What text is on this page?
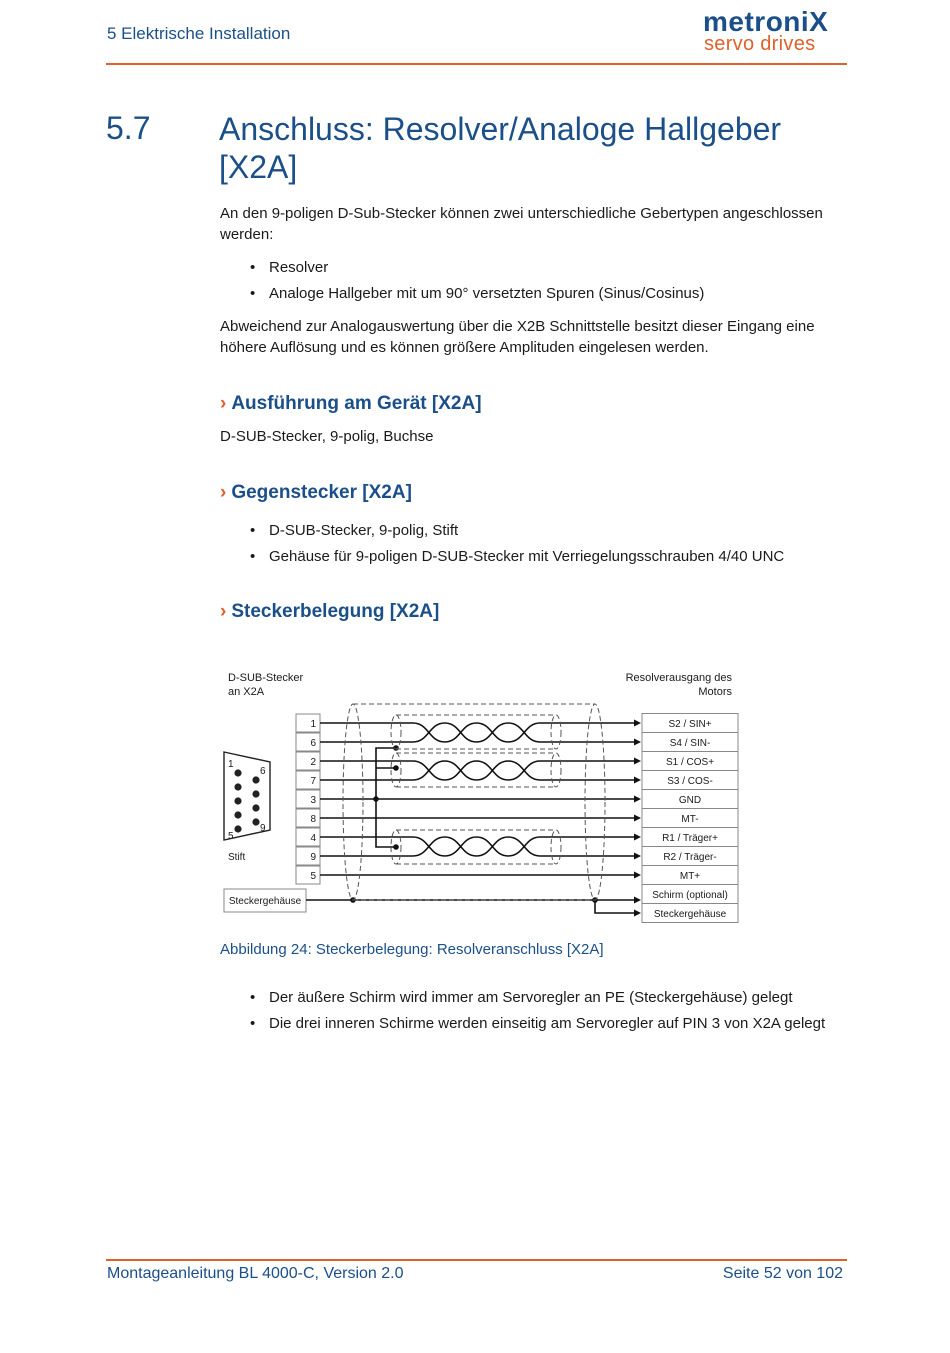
5 Elektrische Installation	metroniX
servo drives
5.7 Anschluss: Resolver/Analoge Hallgeber [X2A]
An den 9-poligen D-Sub-Stecker können zwei unterschiedliche Gebertypen angeschlossen werden:
• Resolver
• Analoge Hallgeber mit um 90° versetzten Spuren (Sinus/Cosinus)
Abweichend zur Analogauswertung über die X2B Schnittstelle besitzt dieser Eingang eine höhere Auflösung und es können größere Amplituden eingelesen werden.
› Ausführung am Gerät [X2A]
D-SUB-Stecker, 9-polig, Buchse
› Gegenstecker [X2A]
• D-SUB-Stecker, 9-polig, Stift
• Gehäuse für 9-poligen D-SUB-Stecker mit Verriegelungsschrauben 4/40 UNC
› Steckerbelegung [X2A]
D-SUB-Stecker
an X2A
Resolverausgang des
Motors
1
6
5
9
Stift
1
6
2
7
3
8
4
9
5
Steckergehäuse
S2 / SIN+
S4 / SIN-
S1 / COS+
S3 / COS-
GND
MT-
R1 / Träger+
R2 / Träger-
MT+
Schirm (optional)
Steckergehäuse
Abbildung 24: Steckerbelegung: Resolveranschluss [X2A]
• Der äußere Schirm wird immer am Servoregler an PE (Steckergehäuse) gelegt
• Die drei inneren Schirme werden einseitig am Servoregler auf PIN 3 von X2A gelegt
Montageanleitung BL 4000-C, Version 2.0	Seite 52 von 102
